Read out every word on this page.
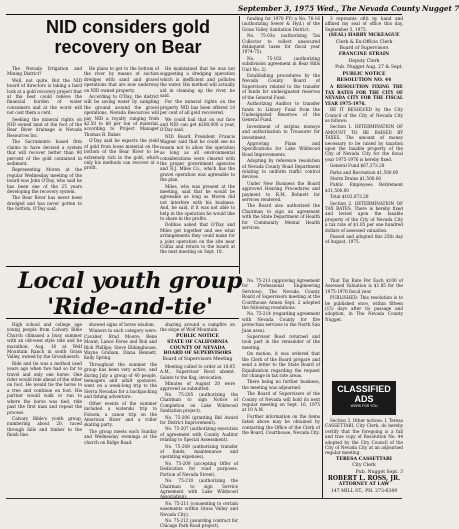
September 3, 1975 Wed., The Nevada County Nugget 7
NID considers gold recovery on Bear

The Nevada Irrigation and Mining District?

Well, not quite. But the NID board of directors is taking a hard look at a gold recovery project that at the best could relieve the financial burden of water consumers and at the worst will not cost them a cent.

Seeking the mineral rights on NID owned land at the foot of the Bear River drainage is Nevada Resources Inc.

The Sacramento based firm claims to have devised a system that will recover better than 90 percent of the gold contained in sediment.

Representing Moren at the regular Wednesday meeting of the board was John O'Day, who said he has been one of the 25 years developing the recovery system.

The Bear River has never been dredged and has never gotten to the bottom, O'Day said.

He plans to get to the bottom of the river by means of suction dredges with sand and gravel operations that are now underway on NID owned property.

According to O'Day, the district will be saving water by sampling the ground around the gravel operations. Nevada Resources will pay NID a royalty ranging from $2.50 to $8 per ton of material, according to Project Manager Thomas R. Baker.

O'Day said he expects the yield of gold from loose material on the bottom of the Bear River to be extremely rich in the gold, which only his methods can recover at a profit.

He maintained that he was not suggesting a dredging operation which is inefficient and pollutes the water. His method will actually aid in cleaning up the river, he said.

For the mineral rights on the property NID has been offered 10 per cent of all gold recovered.

We could bail that on our face and NID can get $200,000 a year, O'Day said.

NID Board President Francis Wagner said that he could see no reason not to allow the operation as long as all environmental considerations were cleared with the proper government agencies and R.J. Miles Co., which has the gravel operation was agreeable to the plan.

Miles, who was present at the meeting, said that he would be agreeable as long as Moren did not interfere with his business. And, he said, if it was not able to help in the operation he would like to share in the profits.

Dobbas asked that O'Day and Miles get together and see what arrangements they could make for a joint operation on the site near Colfax and return to the board at the next meeting on Sept. 18.

funding for 1978 FY) a No. 76-16 (authorizing Sewer & Hyd.) of the Grass Valley Sanitation District.

No. 75-03a (authorizing Tax Collector to collect unsecured delinquent taxes for fiscal year 1974-75).

No. 75-102 (authorizing subdivision agreement in Bear Hills Unit No. 2).

Establishing procedures by the Nevada County Board of Supervisors related to the transfer of funds for undesignated reserves of the General Fund.

Authorizing Auditor to transfer funds to Library Fund from the Undesignated Reserves of the General Fund.

Investment of surplus moneys and authorization to Treasurer for investment.

Approving Plans and Specifications for Lake Wildwood Road Improvements.

Adopting by reference resolution of Nevada County Road Department relating to uniform traffic control devices.

Under New Business the Board approved Hearing Procedures and payment to R.M. Bohnett for services rendered.

The Board also authorized the Chairman to sign an agreement with the State Department of Health for Community Mental Health services.

3 reprsonts ofiti ny hand and affixed my seal of office this day, September 3, 1975.

(SEAL) HARRY MCKEAGUE
Clerk & Ex-Officio Clerk
Board of Supervisors
FRANCINE STRAIN
Deputy Clerk
Pub. Nugget Aug. 27 & Sept.
PUBLIC NOTICE
RESOLUTION NO. 44

A RESOLUTION FIXING THE TAX RATES FOR THE CITY OF NEVADA CITY FOR THE FISCAL YEAR 1975-1976.

BE IT RESOLVED by the City Council of the City of Nevada City as follows:

Section 1. DETERMINATION OF AMOUNT TO BE RAISED BY TAXES. The amount of money necessary to be raised by taxation upon the taxable property of the City of Nevada City for the fiscal year 1975-1976 is hereby fixed.

General Fund $67,373.28

Parks and Recreation $1,500.00

Storm Drains $1,500.00

Public Employees Retirement $31,500.00

Total $102,873.28

Section 2. DETERMINATION OF TAX RATES. There is hereby fixed and levied upon the taxable property of the City of Nevada City a tax rate of $1.85 per one hundred dollars of assessed valuation.

Passed and adopted this 25th day of August, 1975.

Local youth group 'Ride-and-tie'

High school and college age young people from Calvary Bible Church climaxed a busy summer with an old-west style ride and tie marathon, Aug. 16 at Wolf Mountain Ranch in south Grass Valley, owned by the Grosshuesch.

Ride and tie was a method used years ago when two had so far to travel and only one horse. One rider would ride ahead of the other on foot. He would tie the horse to a tree and continue on foot. His partner would walk or run to where the horse was tied, ride past the first man and repeat the process.

Calvary Bible's youth group, numbering about 20, raced through hills and timber to the finish line.

showed signs of horse wisdom.

Winners in each category were: Cavalier, Brad Moore; Rene Mount, Lance Feroe and Bob and Rick Phillips; Steve Ebbinghouse, Wayne Graham, Diana Bennett, Kelly Spring.

Throughout the summer the group has been very active, and during July a group of 40 people, teenagers and adult sponsors, went on a week-long trip to the Sierra Nevadas for a backpacking and fishing adventure.

Other events of the summer included a waterski trip to Folsom, a canoe trip on the American River and a roller skating party.

The group meets each Sunday and Wednesday evenings at the church on Ridge Road.

sharing around a campfire on the slope of Wolf Mountain.

PUBLIC NOTICE
STATE OF CALIFORNIA COUNTY OF NEVADA BOARD OF SUPERVISORS
Board of Supervisors Meeting

Meeting called to order at 10:05 A.M., Supervisor Rood absent. Salute to the flag, invocation.

Minutes of August 20 were approved as submitted.

No. 75-205 (authorizing the Chairman to sign Notice of Completion on Lake Wildwood Sanitation project).

No. 75-206 (granting Bid Award for District Improvement).

No. 75-207 (authorizing execution of agreement with County Auditor relating to Special Assessment).

No. 75-208 (authorizing transfer of funds, maintenance and operating expenses).

No. 75-209 (accepting Offer of Dedication for road purposes, Portion of Nevada Street).

No. 75-210 (authorizing the Chairman to sign Service Agreement with Lake Wildwood Association).

No. 75-211 (consenting to certain easements within Grass Valley and Nevada City).

No. 75-212 (awarding contract for Chicago Park Road project).

No. 75-213 (approving Agreement for Professional Engineering Services). The Nevada County Board of Supervisors meeting at the Courthouse Annex Sept. 2 adopted the following resolutions.

No. 75-214 (regarding agreement with Nevada County for fire protection services to the North San Juan area).

Supervisor Rood returned and took part in the remainder of the meeting.

On motion, it was ordered that the Clerk of the Board prepare and send a letter to the State Board of Equalization regarding the request for change in tax rate areas.

There being no further business, the meeting was adjourned.

The Board of Supervisors of the County of Nevada will hold its next regular meeting on Sept. 16, 1975 at 10 A.M.

Further information on the items listed above may be obtained by contacting the Office of the Clerk of the Board, Courthouse, Nevada City.

That Tax Rate Per Each $100 of Assessed Valuation is $1.85 for the 1975-1976 fiscal year.

PUBLISHED: This resolution is to be published once, within fifteen (15) days after its passage and adoption, in The Nevada County Nugget.

CLASSIFIED
ADS
WORK FOR YOU

Section 3. Other notices: I, Teresa CASSETTARI, City Clerk, do hereby certify that the foregoing is a full and true copy of Resolution No. 44 adopted by the City Council of the City of Nevada City at an adjourned regular meeting.

TERESA CASSETTARI
City Clerk
Pub. Nugget Sept. 3
ROBERT L. ROSS, JR.
ATTORNEY AT LAW
147 MILL ST., PH. 273-6349
